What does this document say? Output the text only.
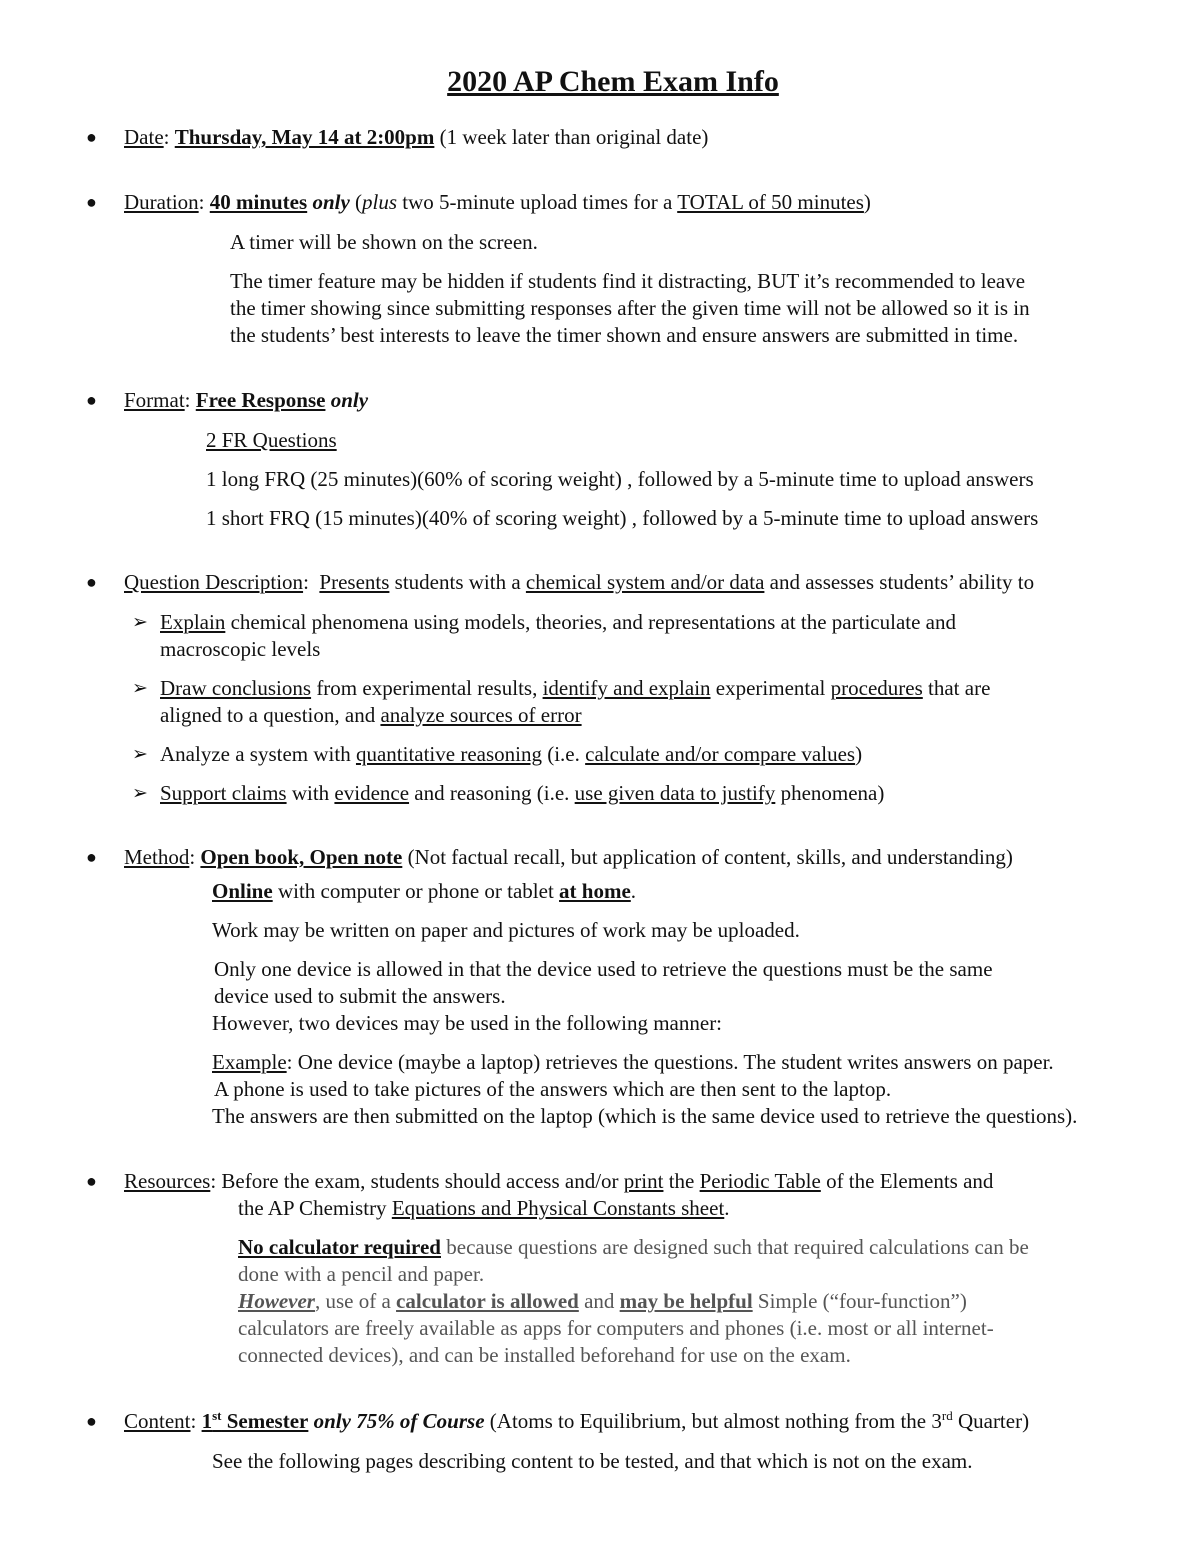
2020 AP Chem Exam Info
● Date: Thursday, May 14 at 2:00pm (1 week later than original date)
● Duration: 40 minutes only (plus two 5-minute upload times for a TOTAL of 50 minutes)
A timer will be shown on the screen.
The timer feature may be hidden if students find it distracting, BUT it’s recommended to leave
the timer showing since submitting responses after the given time will not be allowed so it is in
the students’ best interests to leave the timer shown and ensure answers are submitted in time.
● Format: Free Response only
2 FR Questions
1 long FRQ (25 minutes)(60% of scoring weight) , followed by a 5-minute time to upload answers
1 short FRQ (15 minutes)(40% of scoring weight) , followed by a 5-minute time to upload answers
● Question Description:  Presents students with a chemical system and/or data and assesses students’ ability to
➢ Explain chemical phenomena using models, theories, and representations at the particulate and
macroscopic levels
➢ Draw conclusions from experimental results, identify and explain experimental procedures that are
aligned to a question, and analyze sources of error
➢ Analyze a system with quantitative reasoning (i.e. calculate and/or compare values)
➢ Support claims with evidence and reasoning (i.e. use given data to justify phenomena)
● Method: Open book, Open note (Not factual recall, but application of content, skills, and understanding)
Online with computer or phone or tablet at home.
Work may be written on paper and pictures of work may be uploaded.
Only one device is allowed in that the device used to retrieve the questions must be the same
device used to submit the answers.
However, two devices may be used in the following manner:
Example: One device (maybe a laptop) retrieves the questions. The student writes answers on paper.
A phone is used to take pictures of the answers which are then sent to the laptop.
The answers are then submitted on the laptop (which is the same device used to retrieve the questions).
● Resources: Before the exam, students should access and/or print the Periodic Table of the Elements and
the AP Chemistry Equations and Physical Constants sheet.
No calculator required because questions are designed such that required calculations can be
done with a pencil and paper.
However, use of a calculator is allowed and may be helpful Simple (“four-function”)
calculators are freely available as apps for computers and phones (i.e. most or all internet-
connected devices), and can be installed beforehand for use on the exam.
● Content: 1st Semester only 75% of Course (Atoms to Equilibrium, but almost nothing from the 3rd Quarter)
See the following pages describing content to be tested, and that which is not on the exam.
